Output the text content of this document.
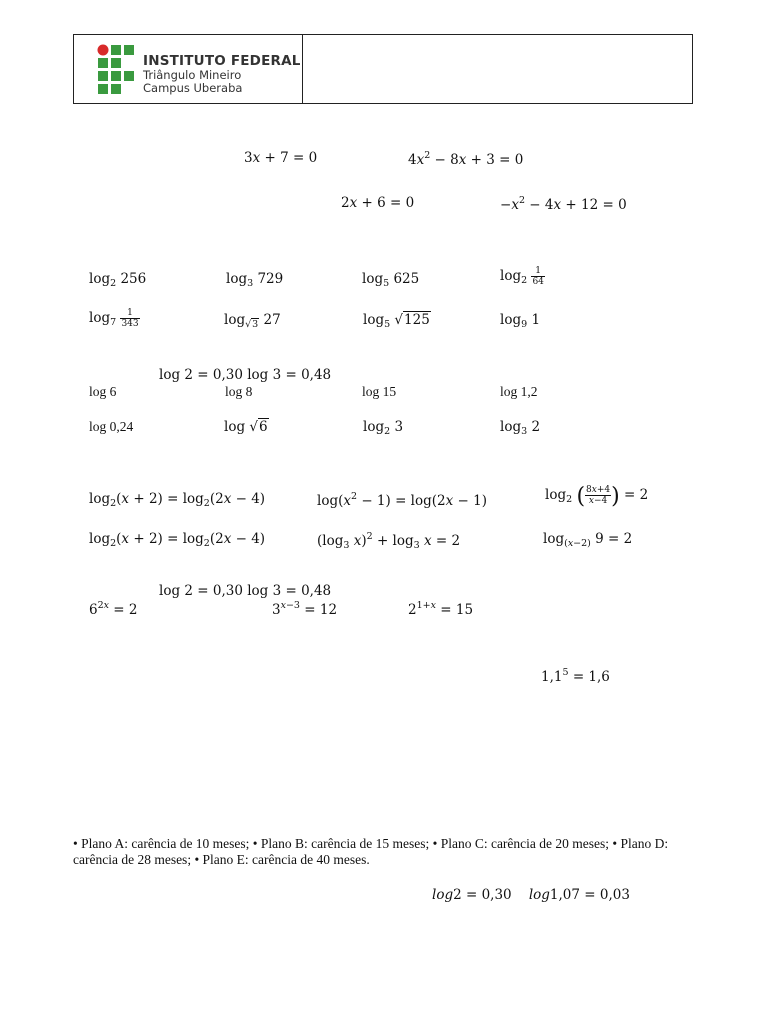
INSTITUTO FEDERAL
Triângulo Mineiro
Campus Uberaba
3x + 7 = 0	$4x^2 - 8x + 3 = 0$
2x + 6 = 0	$-x^2 - 4x + 12 = 0$
$\log_2 256$	$\log_3 729$	$\log_5 625$	$\log_2 \frac{1}{64}$
$\log_7 \frac{1}{343}$	$\log_{√3} 27$	$\log_5 √125$	$\log_9 1$
log 2 = 0,30 log 3 = 0,48
log 6	log 8	log 15	log 1,2
log 0,24	log √6	$\log_2 3$	$\log_3 2$
$\log_2(x + 2) = \log_2(2x - 4)$	$\log(x^2 - 1) = \log(2x - 1)$	$\log_2$ ( $\frac{8x+4}{x-4}$ ) = 2
$\log_2(x + 2) = \log_2(2x - 4)$	($\log_3$ $x)^2 + \log_3 x = 2$	$\log_{(x-2)} 9 = 2$
log 2 = 0,30 log 3 = 0,48
$6^{2x} = 2$	$3^{x-3} = 12$	$2^{1+x} = 15$
$1,1^5 = 1,6$
• Plano A: carência de 10 meses; • Plano B: carência de 15 meses; • Plano C: carência de 20 meses; • Plano D: carência de 28 meses; • Plano E: carência de 40 meses.
log2 = 0,30 log1,07 = 0,03
